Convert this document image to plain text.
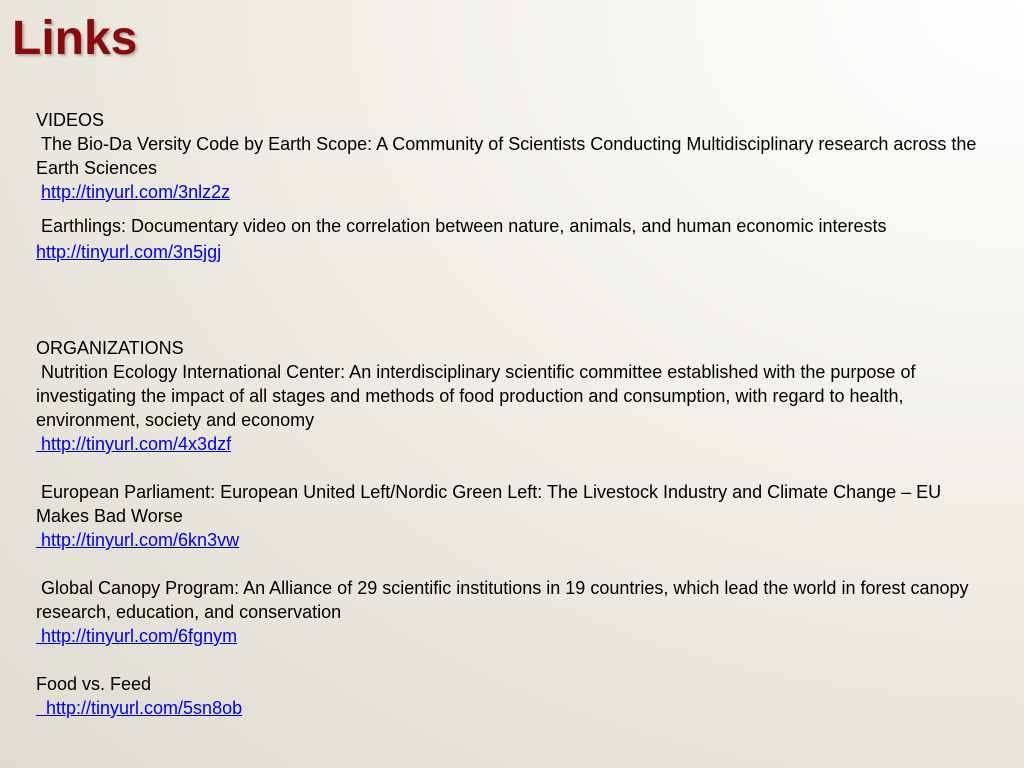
Links

VIDEOS

The Bio-Da Versity Code by Earth Scope: A Community of Scientists Conducting Multidisciplinary research across the Earth Sciences

http://tinyurl.com/3nlz2z

Earthlings: Documentary video on the correlation between nature, animals, and human economic interests

http://tinyurl.com/3n5jgj

ORGANIZATIONS

Nutrition Ecology International Center: An interdisciplinary scientific committee established with the purpose of investigating the impact of all stages and methods of food production and consumption, with regard to health, environment, society and economy

http://tinyurl.com/4x3dzf

European Parliament: European United Left/Nordic Green Left: The Livestock Industry and Climate Change – EU Makes Bad Worse

http://tinyurl.com/6kn3vw

Global Canopy Program: An Alliance of 29 scientific institutions in 19 countries, which lead the world in forest canopy research, education, and conservation

http://tinyurl.com/6fgnym

Food vs. Feed

http://tinyurl.com/5sn8ob
